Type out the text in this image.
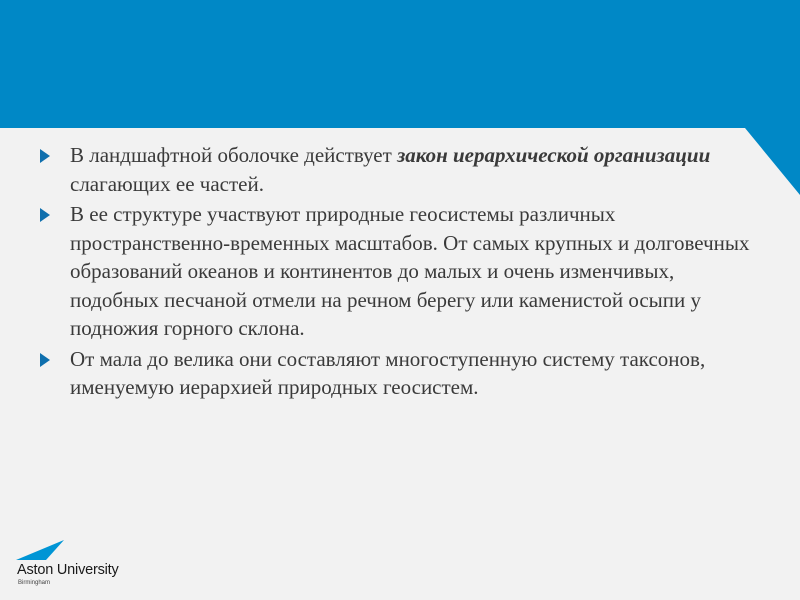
В ландшафтной оболочке действует закон иерархической организации слагающих ее частей.
В ее структуре участвуют природные геосистемы различных пространственно-временных масштабов. От самых крупных и долговечных образований океанов и континентов до малых и очень изменчивых, подобных песчаной отмели на речном берегу или каменистой осыпи у подножия горного склона.
От мала до велика они составляют многоступенную систему таксонов, именуемую иерархией природных геосистем.
Aston University
Birmingham
